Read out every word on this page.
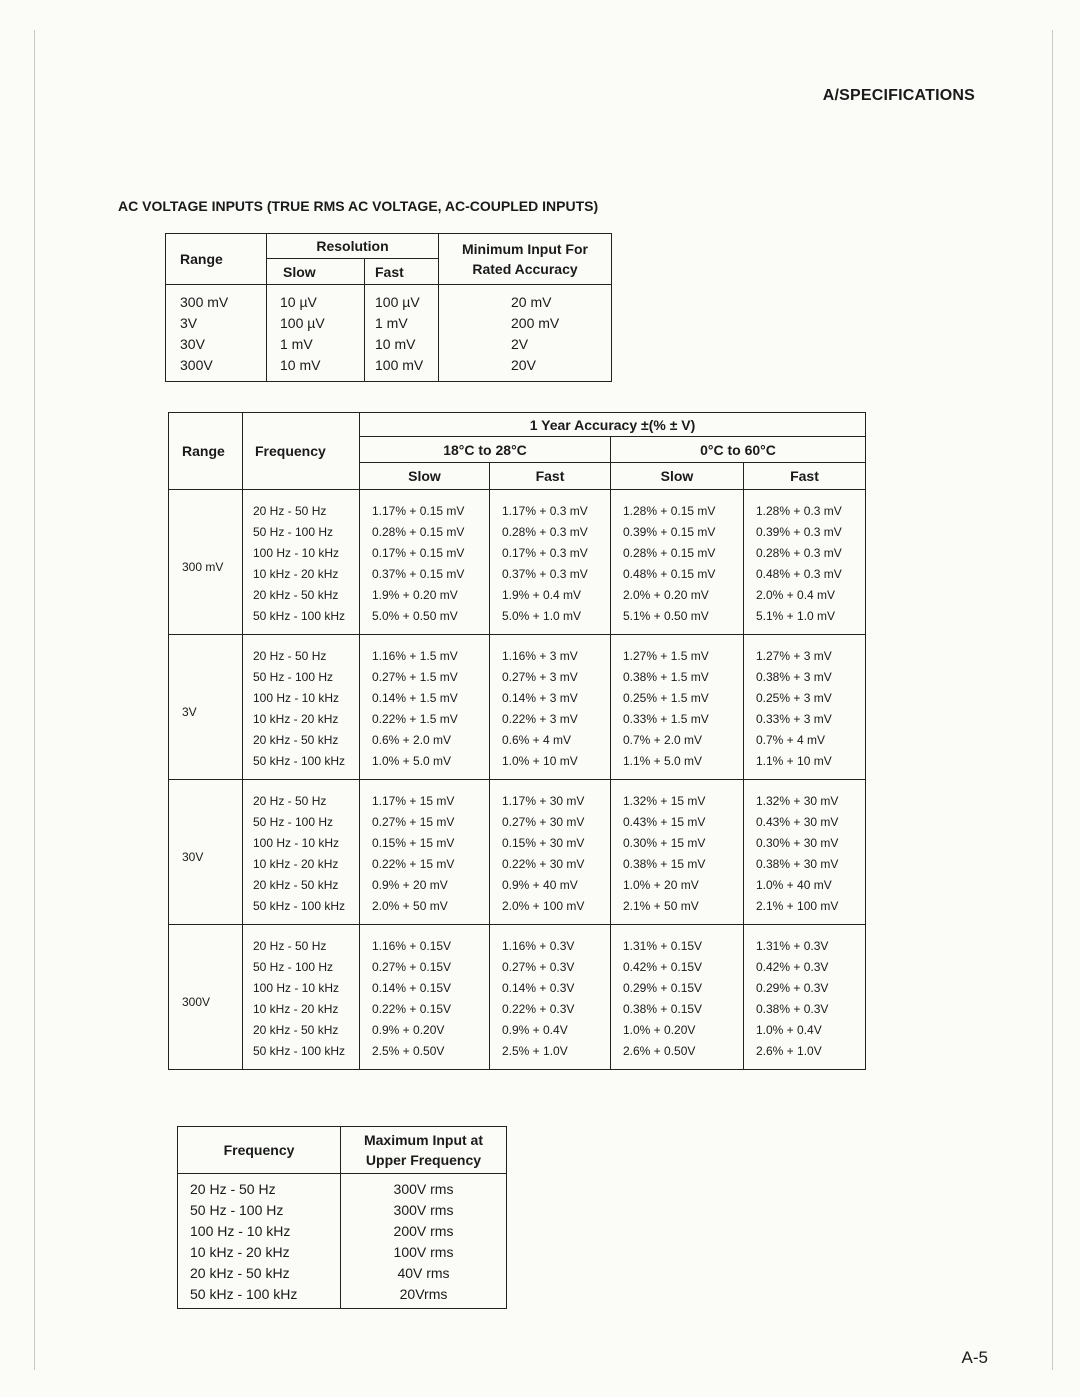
A/SPECIFICATIONS
AC VOLTAGE INPUTS (TRUE RMS AC VOLTAGE, AC-COUPLED INPUTS)
Range	Resolution		Minimum Input For
Rated Accuracy

	Slow	Fast	
300 mV	10 µV	100 µV	20 mV
3V	100 µV	1 mV	200 mV
30V	1 mV	10 mV	2V
300V	10 mV	100 mV	20V
Range	Frequency	1 Year Accuracy ±(% ± V)			
		18°C to 28°C		0°C to 60°C	
		Slow	Fast	Slow	Fast
300 mV	20 Hz - 50 Hz	1.17% + 0.15 mV	1.17% + 0.3 mV	1.28% + 0.15 mV	1.28% + 0.3 mV
	50 Hz - 100 Hz	0.28% + 0.15 mV	0.28% + 0.3 mV	0.39% + 0.15 mV	0.39% + 0.3 mV
	100 Hz - 10 kHz	0.17% + 0.15 mV	0.17% + 0.3 mV	0.28% + 0.15 mV	0.28% + 0.3 mV
	10 kHz - 20 kHz	0.37% + 0.15 mV	0.37% + 0.3 mV	0.48% + 0.15 mV	0.48% + 0.3 mV
	20 kHz - 50 kHz	1.9% + 0.20 mV	1.9% + 0.4 mV	2.0% + 0.20 mV	2.0% + 0.4 mV
	50 kHz - 100 kHz	5.0% + 0.50 mV	5.0% + 1.0 mV	5.1% + 0.50 mV	5.1% + 1.0 mV
3V	20 Hz - 50 Hz	1.16% + 1.5 mV	1.16% + 3 mV	1.27% + 1.5 mV	1.27% + 3 mV
	50 Hz - 100 Hz	0.27% + 1.5 mV	0.27% + 3 mV	0.38% + 1.5 mV	0.38% + 3 mV
	100 Hz - 10 kHz	0.14% + 1.5 mV	0.14% + 3 mV	0.25% + 1.5 mV	0.25% + 3 mV
	10 kHz - 20 kHz	0.22% + 1.5 mV	0.22% + 3 mV	0.33% + 1.5 mV	0.33% + 3 mV
	20 kHz - 50 kHz	0.6% + 2.0 mV	0.6% + 4 mV	0.7% + 2.0 mV	0.7% + 4 mV
	50 kHz - 100 kHz	1.0% + 5.0 mV	1.0% + 10 mV	1.1% + 5.0 mV	1.1% + 10 mV
30V	20 Hz - 50 Hz	1.17% + 15 mV	1.17% + 30 mV	1.32% + 15 mV	1.32% + 30 mV
	50 Hz - 100 Hz	0.27% + 15 mV	0.27% + 30 mV	0.43% + 15 mV	0.43% + 30 mV
	100 Hz - 10 kHz	0.15% + 15 mV	0.15% + 30 mV	0.30% + 15 mV	0.30% + 30 mV
	10 kHz - 20 kHz	0.22% + 15 mV	0.22% + 30 mV	0.38% + 15 mV	0.38% + 30 mV
	20 kHz - 50 kHz	0.9% + 20 mV	0.9% + 40 mV	1.0% + 20 mV	1.0% + 40 mV
	50 kHz - 100 kHz	2.0% + 50 mV	2.0% + 100 mV	2.1% + 50 mV	2.1% + 100 mV
300V	20 Hz - 50 Hz	1.16% + 0.15V	1.16% + 0.3V	1.31% + 0.15V	1.31% + 0.3V
	50 Hz - 100 Hz	0.27% + 0.15V	0.27% + 0.3V	0.42% + 0.15V	0.42% + 0.3V
	100 Hz - 10 kHz	0.14% + 0.15V	0.14% + 0.3V	0.29% + 0.15V	0.29% + 0.3V
	10 kHz - 20 kHz	0.22% + 0.15V	0.22% + 0.3V	0.38% + 0.15V	0.38% + 0.3V
	20 kHz - 50 kHz	0.9% + 0.20V	0.9% + 0.4V	1.0% + 0.20V	1.0% + 0.4V
	50 kHz - 100 kHz	2.5% + 0.50V	2.5% + 1.0V	2.6% + 0.50V	2.6% + 1.0V
Frequency	Maximum Input at
Upper Frequency

20 Hz - 50 Hz	300V rms
50 Hz - 100 Hz	300V rms
100 Hz - 10 kHz	200V rms
10 kHz - 20 kHz	100V rms
20 kHz - 50 kHz	40V rms
50 kHz - 100 kHz	20Vrms
A-5
